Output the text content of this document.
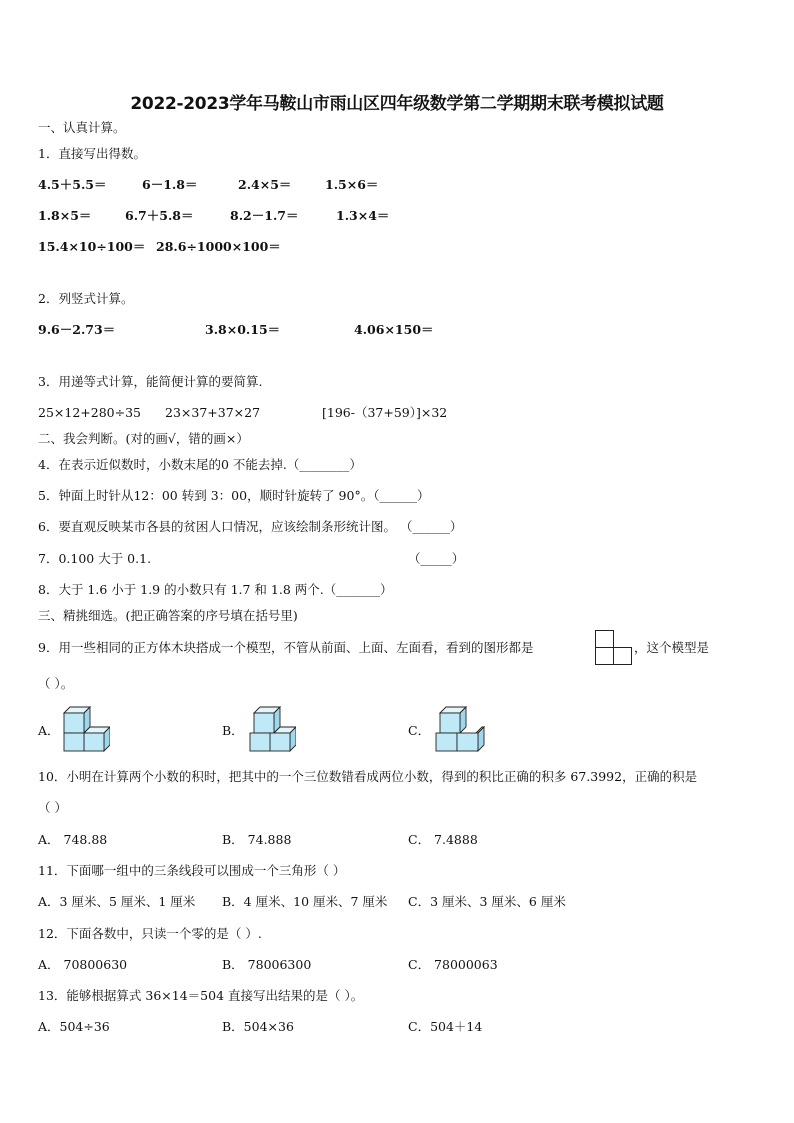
2022-2023学年马鞍山市雨山区四年级数学第二学期期末联考模拟试题
一、认真计算。
1．直接写出得数。
4.5＋5.5＝	6－1.8＝	2.4×5＝	1.5×6＝
1.8×5＝	6.7＋5.8＝	8.2－1.7＝	1.3×4＝
15.4×10÷100＝ 28.6÷1000×100＝
2．列竖式计算。
9.6－2.73＝	3.8×0.15＝	4.06×150＝
3．用递等式计算，能简便计算的要简算.
25×12+280÷35 23×37+37×27	[196-（37+59）]×32
二、我会判断。(对的画√，错的画×）
4．在表示近似数时，小数末尾的0 不能去掉.（________）
5．钟面上时针从12：00 转到 3：00，顺时针旋转了 90°。（______）
6．要直观反映某市各县的贫困人口情况，应该绘制条形统计图。 （______）
7．0.100 大于 0.1.	（_____）
8．大于 1.6 小于 1.9 的小数只有 1.7 和 1.8 两个.（_______）
三、精挑细选。(把正确答案的序号填在括号里)
9．用一些相同的正方体木块搭成一个模型，不管从前面、上面、左面看，看到的图形都是	，这个模型是
（ ）。
A．	B．	C．
10．小明在计算两个小数的积时，把其中的一个三位数错看成两位小数，得到的积比正确的积多 67.3992，正确的积是
（ ）
A． 748.88	B． 74.888	C． 7.4888
11．下面哪一组中的三条线段可以围成一个三角形（ ）
A．3 厘米、5 厘米、1 厘米 B．4 厘米、10 厘米、7 厘米 C．3 厘米、3 厘米、6 厘米
12．下面各数中，只读一个零的是（ ）.
A． 70800630	B． 78006300	C． 78000063
13．能够根据算式 36×14＝504 直接写出结果的是（ ）。
A．504÷36	B．504×36	C．504＋14
